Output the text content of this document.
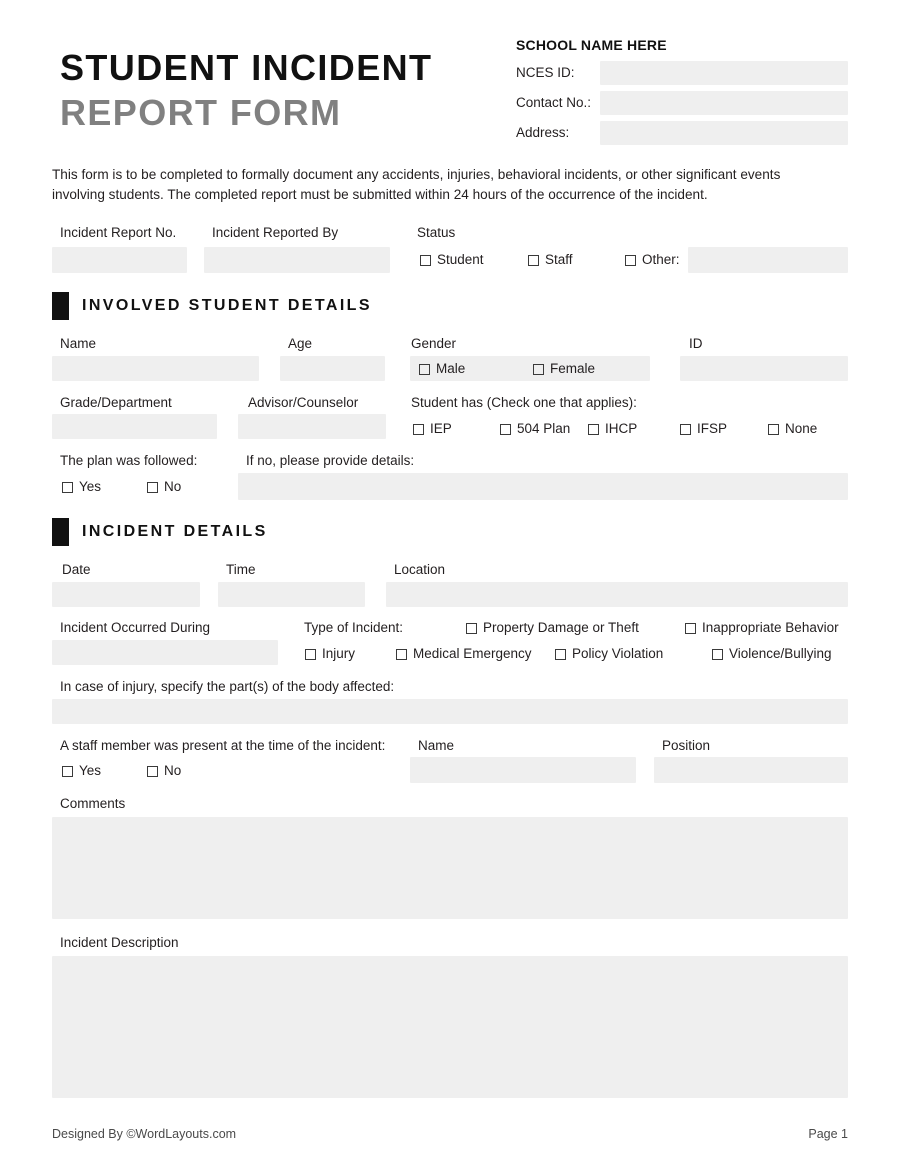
STUDENT INCIDENT
REPORT FORM
SCHOOL NAME HERE
NCES ID:
Contact No.:
Address:
This form is to be completed to formally document any accidents, injuries, behavioral incidents, or other significant events involving students. The completed report must be submitted within 24 hours of the occurrence of the incident.
Incident Report No.	Incident Reported By	Status
Student	Staff	Other:
INVOLVED STUDENT DETAILS
Name	Age	Gender
Male	Female
ID
Grade/Department	Advisor/Counselor	Student has (Check one that applies):
IEP	504 Plan	IHCP	IFSP	None
The plan was followed:
Yes	No
If no, please provide details:
INCIDENT DETAILS
Date	Time	Location
Incident Occurred During	Type of Incident:	Property Damage or Theft	Inappropriate Behavior
Injury	Medical Emergency	Policy Violation	Violence/Bullying
In case of injury, specify the part(s) of the body affected:
A staff member was present at the time of the incident:
Yes	No
Name	Position
Comments
Incident Description
Designed By ©WordLayouts.com	Page 1
